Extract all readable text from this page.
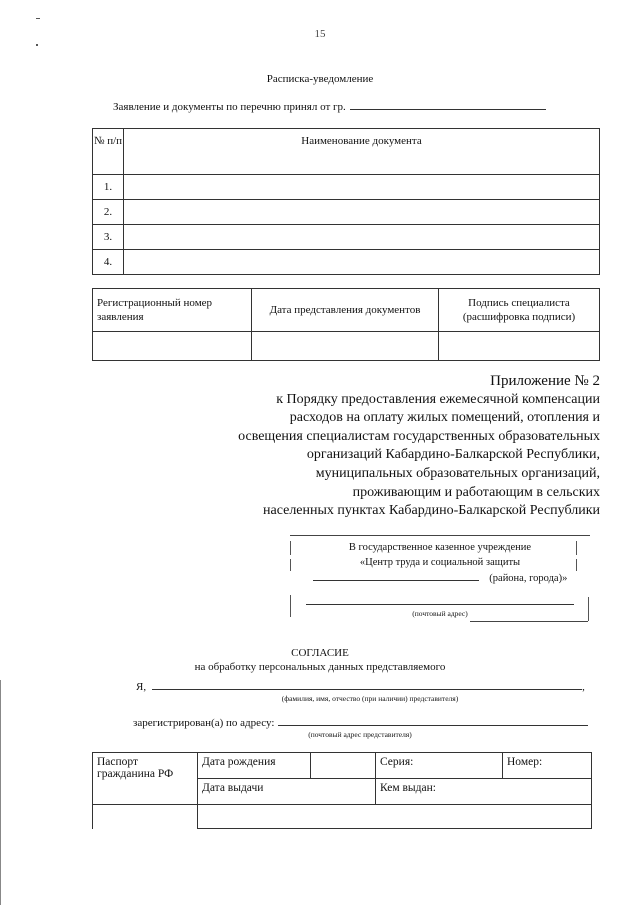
15
Расписка-уведомление
Заявление и документы по перечню принял от гр.
№ п/п	Наименование документа
1.	
2.	
3.	
4.	
Регистрационный номер заявления	Дата представления документов	Подпись специалиста (расшифровка подписи)

Приложение № 2
к Порядку предоставления ежемесячной компенсации
расходов на оплату жилых помещений, отопления и
освещения специалистам государственных образовательных
организаций Кабардино-Балкарской Республики,
муниципальных образовательных организаций,
проживающим и работающим в сельских
населенных пунктах Кабардино-Балкарской Республики
В государственное казенное учреждение
«Центр труда и социальной защиты
(района, города)»
(почтовый адрес)
СОГЛАСИЕ
на обработку персональных данных представляемого
Я,	,
(фамилия, имя, отчество (при наличии) представителя)
зарегистрирован(а) по адресу:
(почтовый адрес представителя)
Паспорт гражданина РФ	Дата рождения		Серия:	Номер:
	Дата выдачи		Кем выдан:	
